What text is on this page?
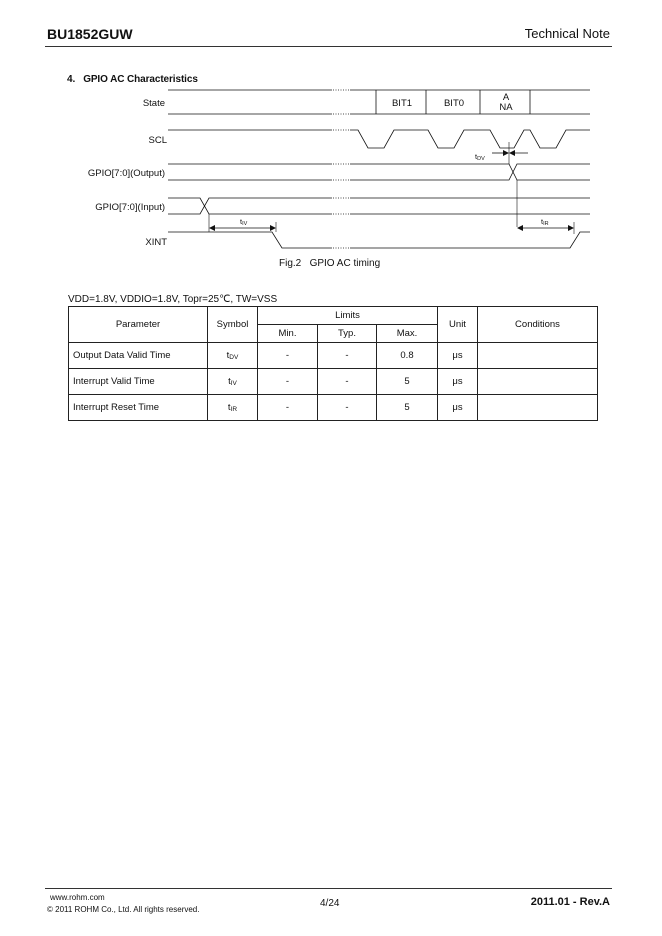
BU1852GUW	Technical Note
4. GPIO AC Characteristics
State
SCL
GPIO[7:0](Output)
GPIO[7:0](Input)
XINT
BIT1	BIT0
A
NA
tDV
tIV	tIR
Fig.2 GPIO AC timing
VDD=1.8V, VDDIO=1.8V, Topr=25℃, TW=VSS
Parameter	Symbol	Limits			Unit	Conditions
		Min.	Typ.	Max.		
Output Data Valid Time	tDV	-	-	0.8	μs	
Interrupt Valid Time	tIV	-	-	5	μs	
Interrupt Reset Time	tIR	-	-	5	μs	
www.rohm.com
© 2011 ROHM Co., Ltd. All rights reserved.
4/24	2011.01 - Rev.A
